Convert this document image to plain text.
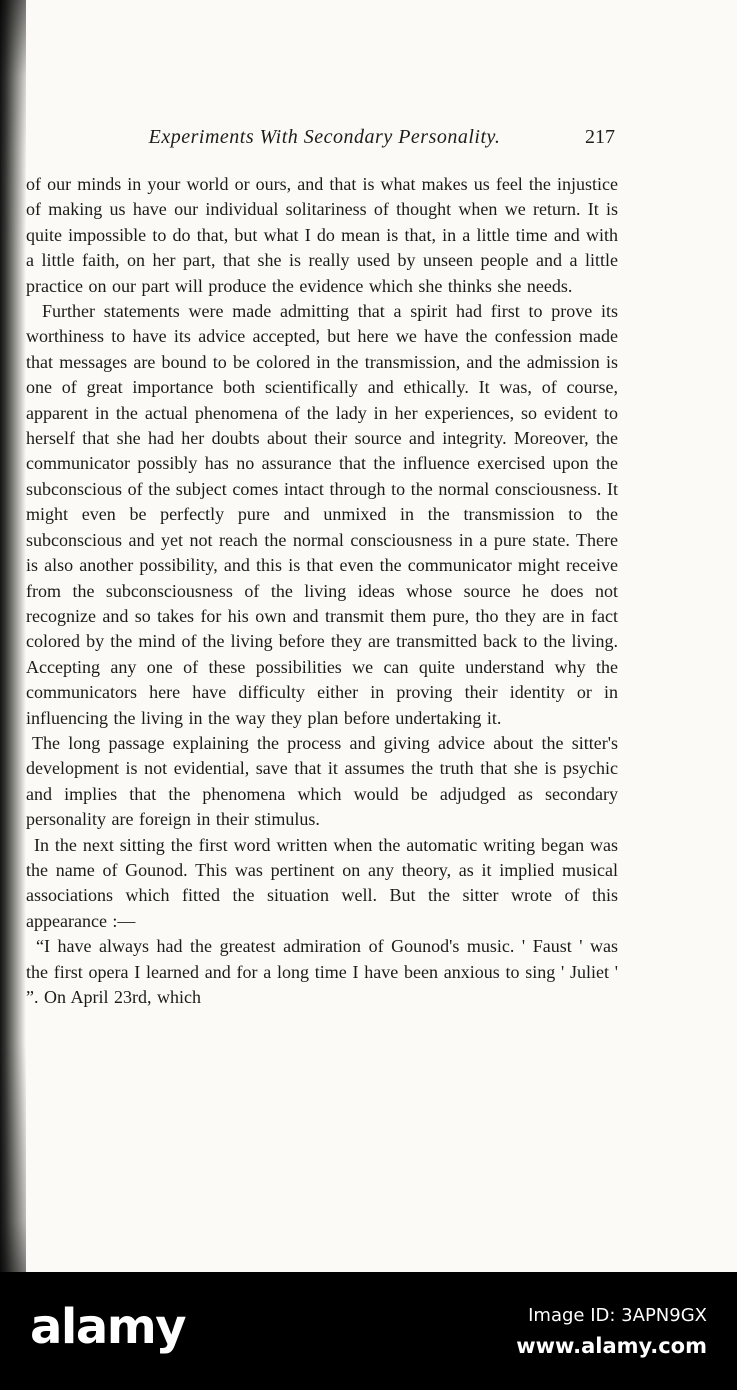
Experiments With Secondary Personality.	217

of our minds in your world or ours, and that is what makes us feel the injustice of making us have our individual solitariness of thought when we return. It is quite impossible to do that, but what I do mean is that, in a little time and with a little faith, on her part, that she is really used by unseen people and a little practice on our part will produce the evidence which she thinks she needs.

Further statements were made admitting that a spirit had first to prove its worthiness to have its advice accepted, but here we have the confession made that messages are bound to be colored in the transmission, and the admission is one of great importance both scientifically and ethically. It was, of course, apparent in the actual phenomena of the lady in her experiences, so evident to herself that she had her doubts about their source and integrity. Moreover, the communicator possibly has no assurance that the influence exercised upon the subconscious of the subject comes intact through to the normal consciousness. It might even be perfectly pure and unmixed in the transmission to the subconscious and yet not reach the normal consciousness in a pure state. There is also another possibility, and this is that even the communicator might receive from the subconsciousness of the living ideas whose source he does not recognize and so takes for his own and transmit them pure, tho they are in fact colored by the mind of the living before they are transmitted back to the living. Accepting any one of these possibilities we can quite understand why the communicators here have difficulty either in proving their identity or in influencing the living in the way they plan before undertaking it.

The long passage explaining the process and giving advice about the sitter's development is not evidential, save that it assumes the truth that she is psychic and implies that the phenomena which would be adjudged as secondary personality are foreign in their stimulus.

In the next sitting the first word written when the automatic writing began was the name of Gounod. This was pertinent on any theory, as it implied musical associations which fitted the situation well. But the sitter wrote of this appearance :—

“I have always had the greatest admiration of Gounod's music. ' Faust ' was the first opera I learned and for a long time I have been anxious to sing ' Juliet ' ”. On April 23rd, which

alamy	Image ID: 3APN9GX
www.alamy.com
